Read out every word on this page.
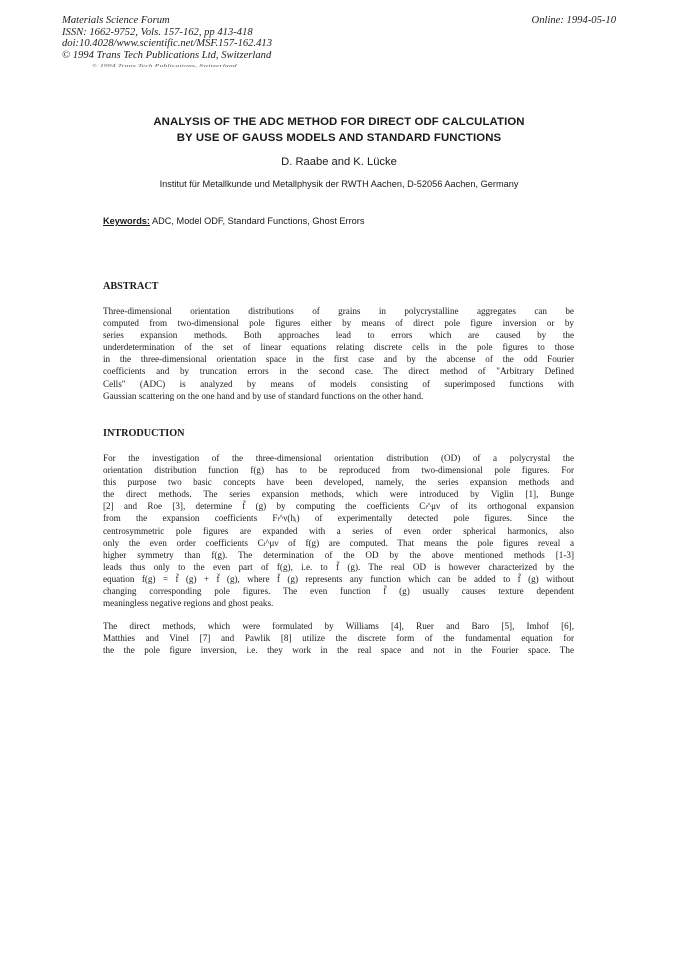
Materials Science Forum
ISSN: 1662-9752, Vols. 157-162, pp 413-418
doi:10.4028/www.scientific.net/MSF.157-162.413
© 1994 Trans Tech Publications Ltd, Switzerland
Online: 1994-05-10
© 1994 Trans Tech Publications, Switzerland
ANALYSIS OF THE ADC METHOD FOR DIRECT ODF CALCULATION
BY USE OF GAUSS MODELS AND STANDARD FUNCTIONS
D. Raabe and K. Lücke
Institut für Metallkunde und Metallphysik der RWTH Aachen, D-52056 Aachen, Germany
Keywords: ADC, Model ODF, Standard Functions, Ghost Errors
ABSTRACT
Three-dimensional orientation distributions of grains in polycrystalline aggregates can be
computed from two-dimensional pole figures either by means of direct pole figure inversion or by
series expansion methods. Both approaches lead to errors which are caused by the
underdetermination of the set of linear equations relating discrete cells in the pole figures to those
in the three-dimensional orientation space in the first case and by the abcense of the odd Fourier
coefficients and by truncation errors in the second case. The direct method of "Arbitrary Defined
Cells" (ADC) is analyzed by means of models consisting of superimposed functions with
Gaussian scattering on the one hand and by use of standard functions on the other hand.
INTRODUCTION
For the investigation of the three-dimensional orientation distribution (OD) of a polycrystal the
orientation distribution function f(g) has to be reproduced from two-dimensional pole figures. For
this purpose two basic concepts have been developed, namely, the series expansion methods and
the direct methods. The series expansion methods, which were introduced by Viglin [1], Bunge
[2] and Roe [3], determine f̃ (g) by computing the coefficients Cₗ^μν of its orthogonal expansion
from the expansion coefficients Fₗ^ν(hᵢ) of experimentally detected pole figures. Since the
centrosymmetric pole figures are expanded with a series of even order spherical harmonics, also
only the even order coefficients Cₗ^μν of f(g) are computed. That means the pole figures reveal a
higher symmetry than f(g). The determination of the OD by the above mentioned methods [1-3]
leads thus only to the even part of f(g), i.e. to f̃ (g). The real OD is however characterized by the
equation f(g) = f̃ (g) + f̆ (g), where f̆ (g) represents any function which can be added to f̃ (g) without
changing corresponding pole figures. The even function f̃ (g) usually causes texture dependent
meaningless negative regions and ghost peaks.
The direct methods, which were formulated by Williams [4], Ruer and Baro [5], Imhof [6],
Matthies and Vinel [7] and Pawlik [8] utilize the discrete form of the fundamental equation for
the the pole figure inversion, i.e. they work in the real space and not in the Fourier space. The
